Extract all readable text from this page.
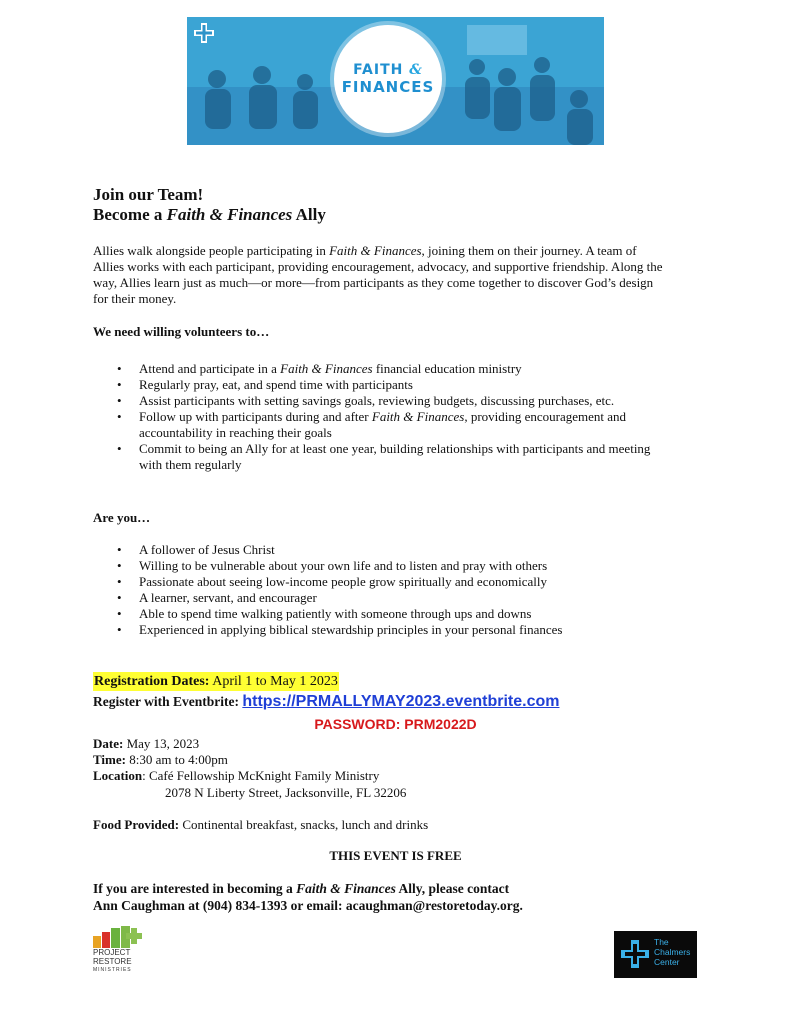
FAITH &
FINANCES
Join our Team!
Become a Faith & Finances Ally
Allies walk alongside people participating in Faith & Finances, joining them on their journey. A team of Allies works with each participant, providing encouragement, advocacy, and supportive friendship. Along the way, Allies learn just as much—or more—from participants as they come together to discover God’s design for their money.
We need willing volunteers to…
• Attend and participate in a Faith & Finances financial education ministry
• Regularly pray, eat, and spend time with participants
• Assist participants with setting savings goals, reviewing budgets, discussing purchases, etc.
• Follow up with participants during and after Faith & Finances, providing encouragement and accountability in reaching their goals
• Commit to being an Ally for at least one year, building relationships with participants and meeting with them regularly
Are you…
• A follower of Jesus Christ
• Willing to be vulnerable about your own life and to listen and pray with others
• Passionate about seeing low-income people grow spiritually and economically
• A learner, servant, and encourager
• Able to spend time walking patiently with someone through ups and downs
• Experienced in applying biblical stewardship principles in your personal finances
Registration Dates: April 1 to May 1 2023
Register with Eventbrite: https://PRMALLYMAY2023.eventbrite.com
PASSWORD: PRM2022D
Date: May 13, 2023
Time: 8:30 am to 4:00pm
Location: Café Fellowship McKnight Family Ministry
2078 N Liberty Street, Jacksonville, FL 32206
Food Provided: Continental breakfast, snacks, lunch and drinks
THIS EVENT IS FREE
If you are interested in becoming a Faith & Finances Ally, please contact
Ann Caughman at (904) 834-1393 or email: acaughman@restoretoday.org.
PROJECT
RESTORE
MINISTRIES
The
Chalmers
Center
